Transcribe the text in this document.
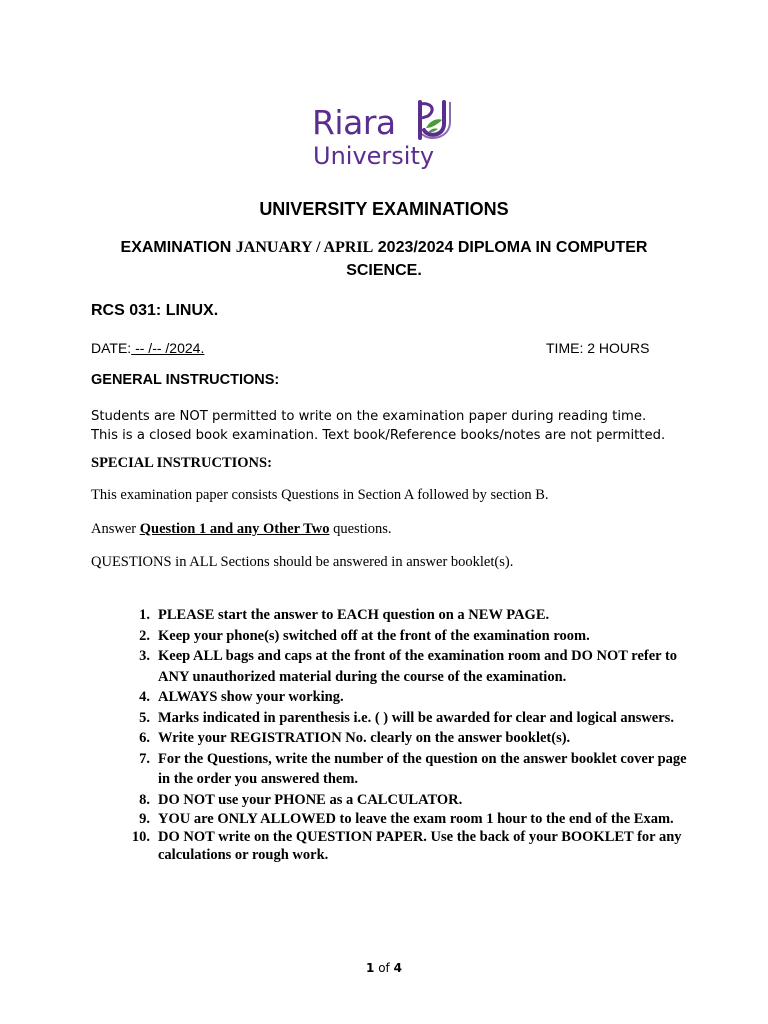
Riara
University
UNIVERSITY EXAMINATIONS
EXAMINATION JANUARY / APRIL 2023/2024 DIPLOMA IN COMPUTER SCIENCE.
RCS 031: LINUX.
DATE: -- /-- /2024.	TIME: 2 HOURS
GENERAL INSTRUCTIONS:
Students are NOT permitted to write on the examination paper during reading time.
This is a closed book examination. Text book/Reference books/notes are not permitted.
SPECIAL INSTRUCTIONS:
This examination paper consists Questions in Section A followed by section B.
Answer Question 1 and any Other Two questions.
QUESTIONS in ALL Sections should be answered in answer booklet(s).
1. PLEASE start the answer to EACH question on a NEW PAGE.
2. Keep your phone(s) switched off at the front of the examination room.
3. Keep ALL bags and caps at the front of the examination room and DO NOT refer to ANY unauthorized material during the course of the examination.
4. ALWAYS show your working.
5. Marks indicated in parenthesis i.e. ( ) will be awarded for clear and logical answers.
6. Write your REGISTRATION No. clearly on the answer booklet(s).
7. For the Questions, write the number of the question on the answer booklet cover page in the order you answered them.
8. DO NOT use your PHONE as a CALCULATOR.
9. YOU are ONLY ALLOWED to leave the exam room 1 hour to the end of the Exam.
10. DO NOT write on the QUESTION PAPER. Use the back of your BOOKLET for any calculations or rough work.
1 of 4
